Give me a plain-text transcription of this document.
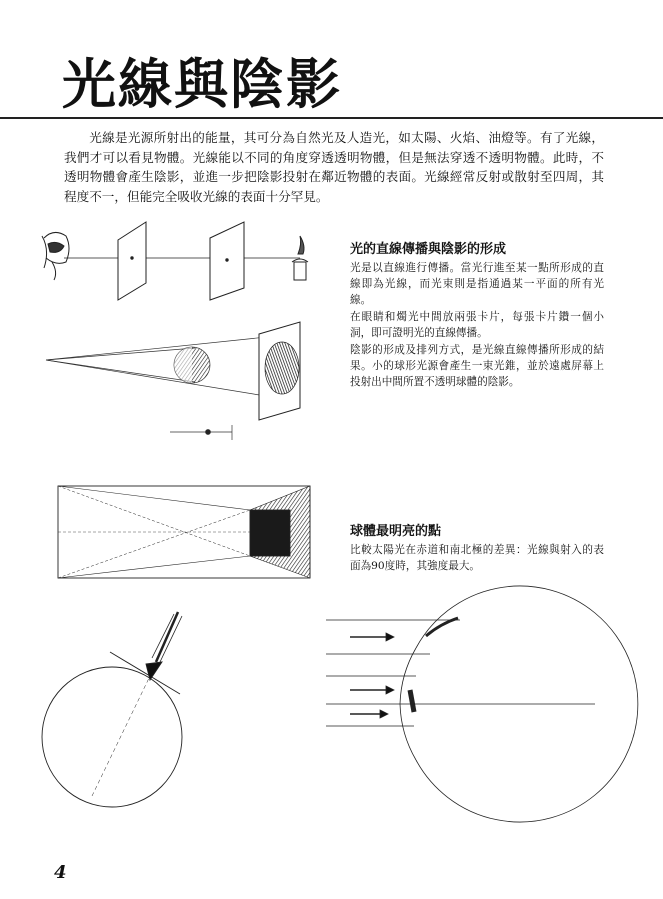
光線與陰影
光線是光源所射出的能量，其可分為自然光及人造光，如太陽、火焰、油燈等。有了光線，我們才可以看見物體。光線能以不同的角度穿透透明物體，但是無法穿透不透明物體。此時，不透明物體會產生陰影，並進一步把陰影投射在鄰近物體的表面。光線經常反射或散射至四周，其程度不一，但能完全吸收光線的表面十分罕見。
光的直線傳播與陰影的形成
光是以直線進行傳播。當光行進至某一點所形成的直線即為光線，而光束則是指通過某一平面的所有光線。
在眼睛和燭光中間放兩張卡片，每張卡片鑽一個小洞，即可證明光的直線傳播。
陰影的形成及排列方式，是光線直線傳播所形成的結果。小的球形光源會產生一束光錐，並於遠處屏幕上投射出中間所置不透明球體的陰影。
球體最明亮的點
比較太陽光在赤道和南北極的差異：光線與射入的表面為90度時，其強度最大。
4
